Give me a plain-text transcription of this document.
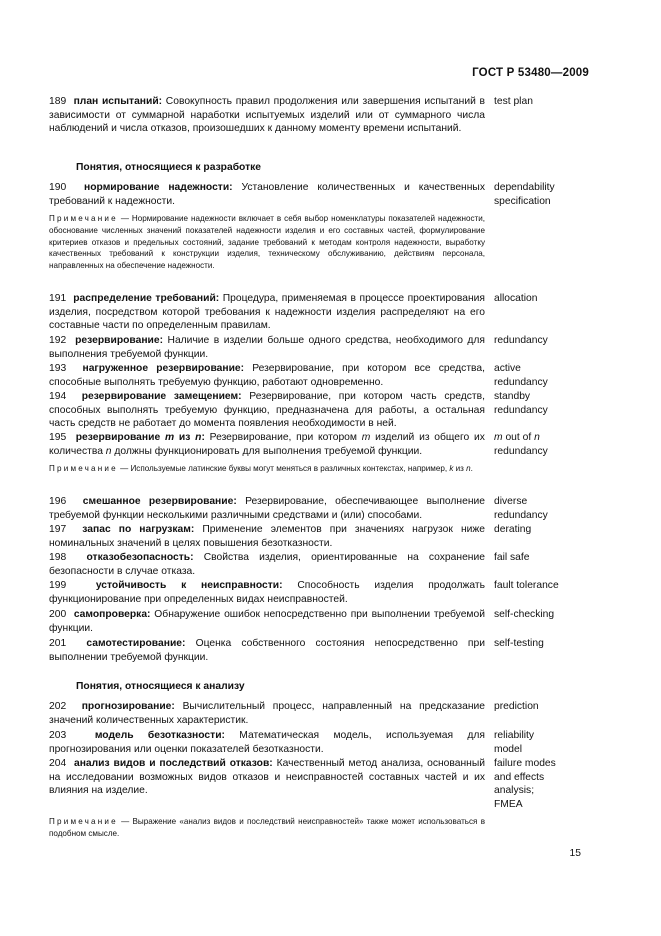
ГОСТ Р 53480—2009

189 план испытаний: Совокупность правил продолжения или завершения испытаний в зависимости от суммарной наработки испытуемых изделий или от суммарного числа наблюдений и числа отказов, произошедших к данному моменту времени испытаний.

test plan
Понятия, относящиеся к разработке

190 нормирование надежности: Установление количественных и качественных требований к надежности.

dependability
specification
Примечание — Нормирование надежности включает в себя выбор номенклатуры показателей надежности, обоснование численных значений показателей надежности изделия и его составных частей, формулирование критериев отказов и предельных состояний, задание требований к методам контроля надежности, выработку качественных требований к конструкции изделия, техническому обслуживанию, действиям персонала, направленных на обеспечение надежности.

191 распределение требований: Процедура, применяемая в процессе проектирования изделия, посредством которой требования к надежности изделия распределяют на его составные части по определенным правилам.

allocation

192 резервирование: Наличие в изделии больше одного средства, необходимого для выполнения требуемой функции.

redundancy

193 нагруженное резервирование: Резервирование, при котором все средства, способные выполнять требуемую функцию, работают одновременно.

active
redundancy

194 резервирование замещением: Резервирование, при котором часть средств, способных выполнять требуемую функцию, предназначена для работы, а остальная часть средств не работает до момента появления необходимости в ней.

standby
redundancy

195 резервирование m из n: Резервирование, при котором m изделий из общего их количества n должны функционировать для выполнения требуемой функции.

m out of n
redundancy
Примечание — Используемые латинские буквы могут меняться в различных контекстах, например, k из n.

196 смешанное резервирование: Резервирование, обеспечивающее выполнение требуемой функции несколькими различными средствами и (или) способами.

diverse
redundancy

197 запас по нагрузкам: Применение элементов при значениях нагрузок ниже номинальных значений в целях повышения безотказности.

derating

198 отказобезопасность: Свойства изделия, ориентированные на сохранение безопасности в случае отказа.

fail safe

199	устойчивость к неисправности: Способность изделия продолжать функционирование при определенных видах неисправностей.

fault tolerance

200 самопроверка: Обнаружение ошибок непосредственно при выполнении требуемой функции.

self-checking

201 самотестирование: Оценка собственного состояния непосредственно при выполнении требуемой функции.

self-testing
Понятия, относящиеся к анализу

202 прогнозирование: Вычислительный процесс, направленный на предсказание значений количественных характеристик.

prediction

203	модель безотказности: Математическая модель, используемая для прогнозирования или оценки показателей безотказности.

reliability
model

204 анализ видов и последствий отказов: Качественный метод анализа, основанный на исследовании возможных видов отказов и неисправностей составных частей и их влияния на изделие.

failure modes
and effects
analysis;
FMEA
Примечание — Выражение «анализ видов и последствий неисправностей» также может использоваться в подобном смысле.
15
